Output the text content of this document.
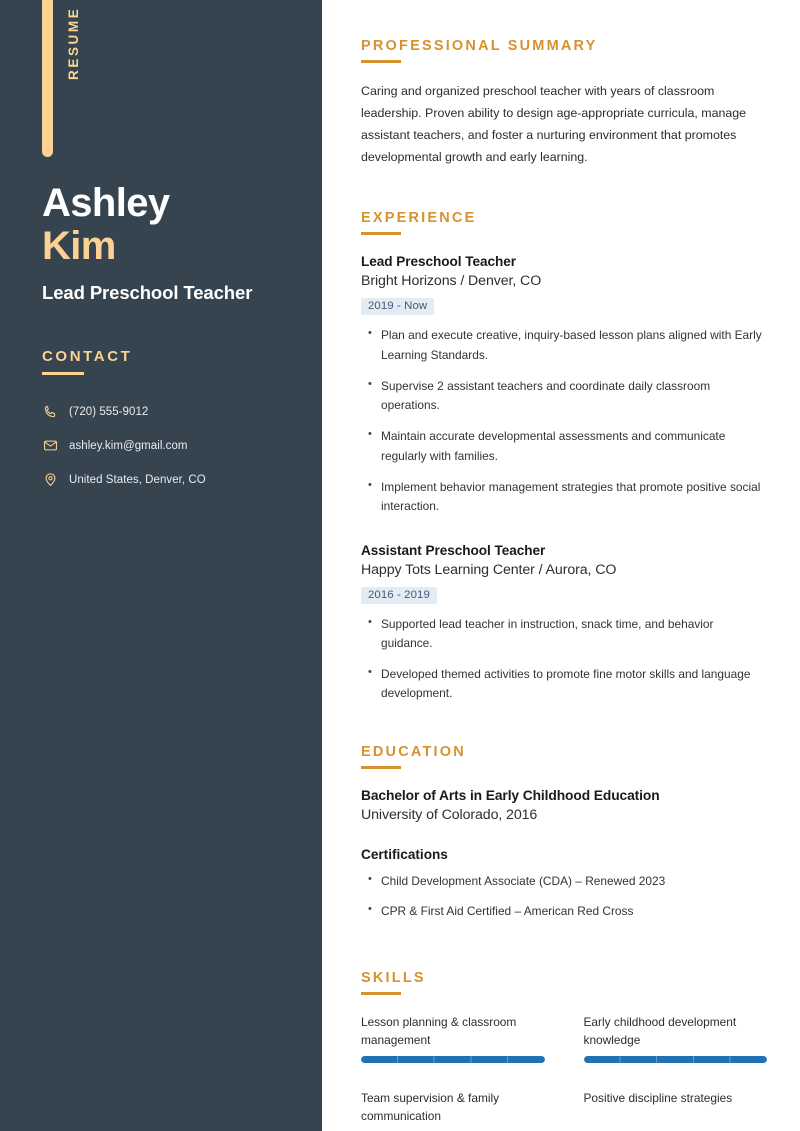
RESUME
Ashley
Kim
Lead Preschool Teacher
CONTACT
(720) 555-9012
ashley.kim@gmail.com
United States, Denver, CO
PROFESSIONAL SUMMARY

Caring and organized preschool teacher with years of classroom leadership. Proven ability to design age-appropriate curricula, manage assistant teachers, and foster a nurturing environment that promotes developmental growth and early learning.

EXPERIENCE
Lead Preschool Teacher
Bright Horizons / Denver, CO
2019 - Now
• Plan and execute creative, inquiry-based lesson plans aligned with Early Learning Standards.
• Supervise 2 assistant teachers and coordinate daily classroom operations.
• Maintain accurate developmental assessments and communicate regularly with families.
• Implement behavior management strategies that promote positive social interaction.
Assistant Preschool Teacher
Happy Tots Learning Center / Aurora, CO
2016 - 2019
• Supported lead teacher in instruction, snack time, and behavior guidance.
• Developed themed activities to promote fine motor skills and language development.
EDUCATION
Bachelor of Arts in Early Childhood Education
University of Colorado, 2016
Certifications
• Child Development Associate (CDA) – Renewed 2023
• CPR & First Aid Certified – American Red Cross
SKILLS
Lesson planning & classroom management
Early childhood development knowledge
Team supervision & family communication
Positive discipline strategies
